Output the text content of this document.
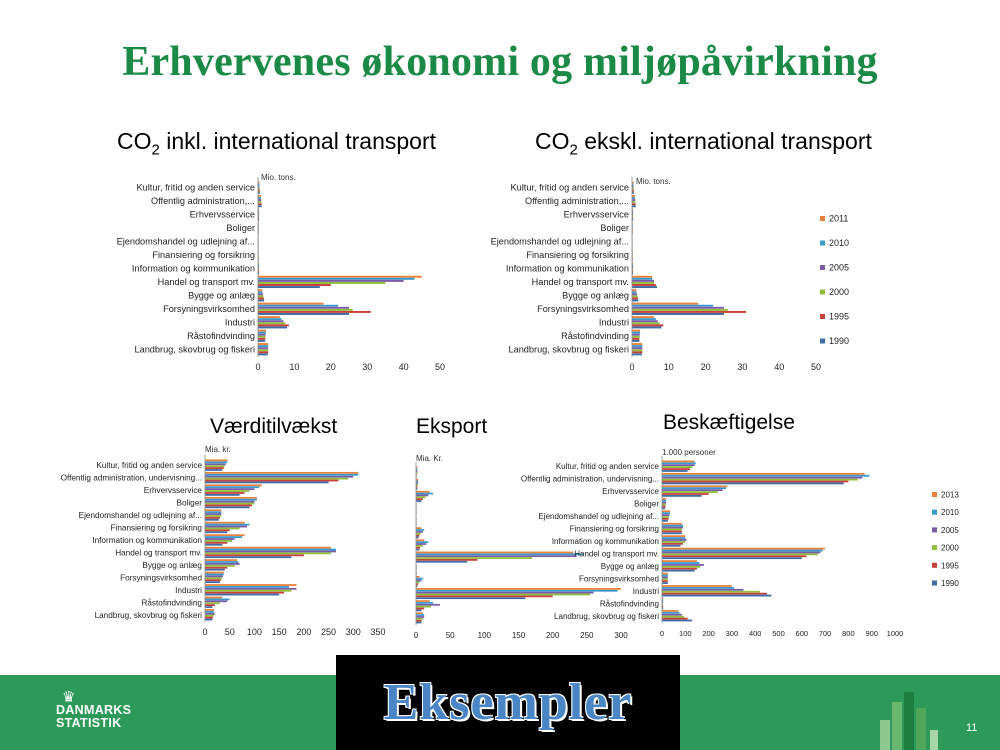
Erhvervenes økonomi og miljøpåvirkning
$CO_2$ inkl. international transport	$CO_2$ ekskl. international transport
Værditilvækst	Eksport	Beskæftigelse
Mio. tons.
Kultur, fritid og anden service
Offentlig administration,...
Erhvervsservice
Boliger
Ejendomshandel og udlejning af...
Finansiering og forsikring
Information og kommunikation
Handel og transport mv.
Bygge og anlæg
Forsyningsvirksomhed
Industri
Råstofindvinding
Landbrug, skovbrug og fiskeri
0	10	20	30	40	50
Mio. tons.
Kultur, fritid og anden service
Offentlig administration,...
Erhvervsservice
Boliger
Ejendomshandel og udlejning af...
Finansiering og forsikring
Information og kommunikation
Handel og transport mv.
Bygge og anlæg
Forsyningsvirksomhed
Industri
Råstofindvinding
Landbrug, skovbrug og fiskeri
0	10	20	30	40	50
2011
2010
2005
2000
1995
1990
Mia. kr.
Kultur, fritid og anden service
Offentlig administration, undervisning...
Erhvervsservice
Boliger
Ejendomshandel og udlejning af...
Finansiering og forsikring
Information og kommunikation
Handel og transport mv.
Bygge og anlæg
Forsyningsvirksomhed
Industri
Råstofindvinding
Landbrug, skovbrug og fiskeri
0 50 100 150 200 250 300 350
Mia. Kr.
0	50	100	150	200	250	300
1.000 personer
Kultur, fritid og anden service
Offentlig administration, undervisning...
Erhvervsservice
Boliger
Ejendomshandel og udlejning af...
Finansiering og forsikring
Information og kommunikation
Handel og transport mv.
Bygge og anlæg
Forsyningsvirksomhed
Industri
Råstofindvinding
Landbrug, skovbrug og fiskeri
0 100 200 300 400 500 600 700 800 900 1000
2013
2010
2005
2000
1995
1990
♛
DANMARKS
STATISTIK	Eksempler	11
